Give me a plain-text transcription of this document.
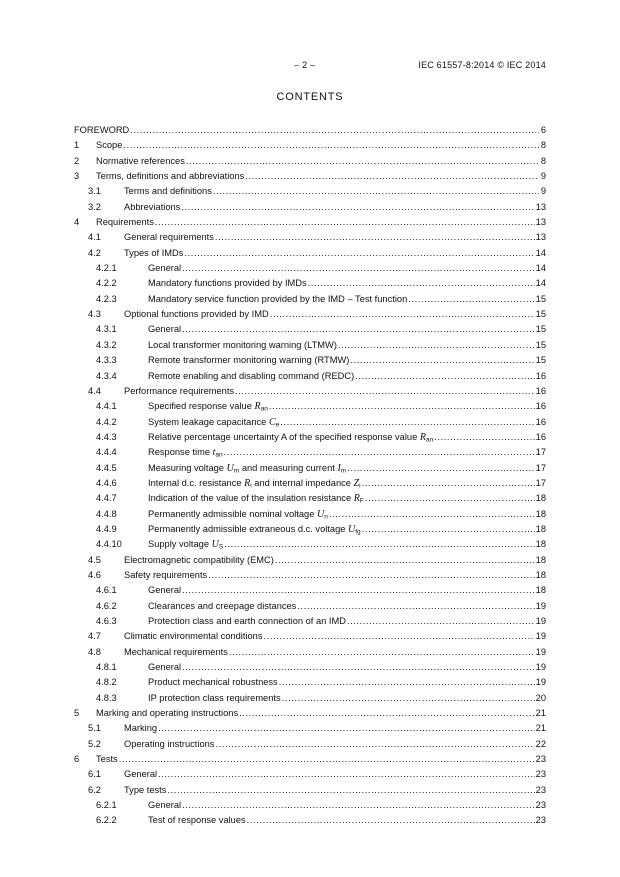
– 2 –	IEC 61557-8:2014 © IEC 2014
CONTENTS
FOREWORD .....	6
1	Scope .....	8
2	Normative references .....	8
3	Terms, definitions and abbreviations .....	9
3.1	Terms and definitions .....	9
3.2	Abbreviations .....	13
4	Requirements .....	13
4.1	General requirements .....	13
4.2	Types of IMDs .....	14
4.2.1	General .....	14
4.2.2	Mandatory functions provided by IMDs .....	14
4.2.3	Mandatory service function provided by the IMD – Test function .....	15
4.3	Optional functions provided by IMD .....	15
4.3.1	General .....	15
4.3.2	Local transformer monitoring warning (LTMW) .....	15
4.3.3	Remote transformer monitoring warning (RTMW) .....	15
4.3.4	Remote enabling and disabling command (REDC) .....	16
4.4	Performance requirements .....	16
4.4.1	Specified response value $R_{an}$ .....	16
4.4.2	System leakage capacitance $C_e$ .....	16
4.4.3	Relative percentage uncertainty A of the specified response value $R_{an}$ .....	16
4.4.4	Response time $t_{an}$ .....	17
4.4.5	Measuring voltage $U_m$ and measuring current $I_m$ .....	17
4.4.6	Internal d.c. resistance $R_i$ and internal impedance $Z_i$ .....	17
4.4.7	Indication of the value of the insulation resistance $R_F$ .....	18
4.4.8	Permanently admissible nominal voltage $U_n$ .....	18
4.4.9	Permanently admissible extraneous d.c. voltage $U_{fg}$ .....	18
4.4.10	Supply voltage $U_S$ .....	18
4.5	Electromagnetic compatibility (EMC) .....	18
4.6	Safety requirements .....	18
4.6.1	General .....	18
4.6.2	Clearances and creepage distances .....	19
4.6.3	Protection class and earth connection of an IMD .....	19
4.7	Climatic environmental conditions .....	19
4.8	Mechanical requirements .....	19
4.8.1	General .....	19
4.8.2	Product mechanical robustness .....	19
4.8.3	IP protection class requirements .....	20
5	Marking and operating instructions .....	21
5.1	Marking .....	21
5.2	Operating instructions .....	22
6	Tests .....	23
6.1	General .....	23
6.2	Type tests .....	23
6.2.1	General .....	23
6.2.2	Test of response values .....	23
